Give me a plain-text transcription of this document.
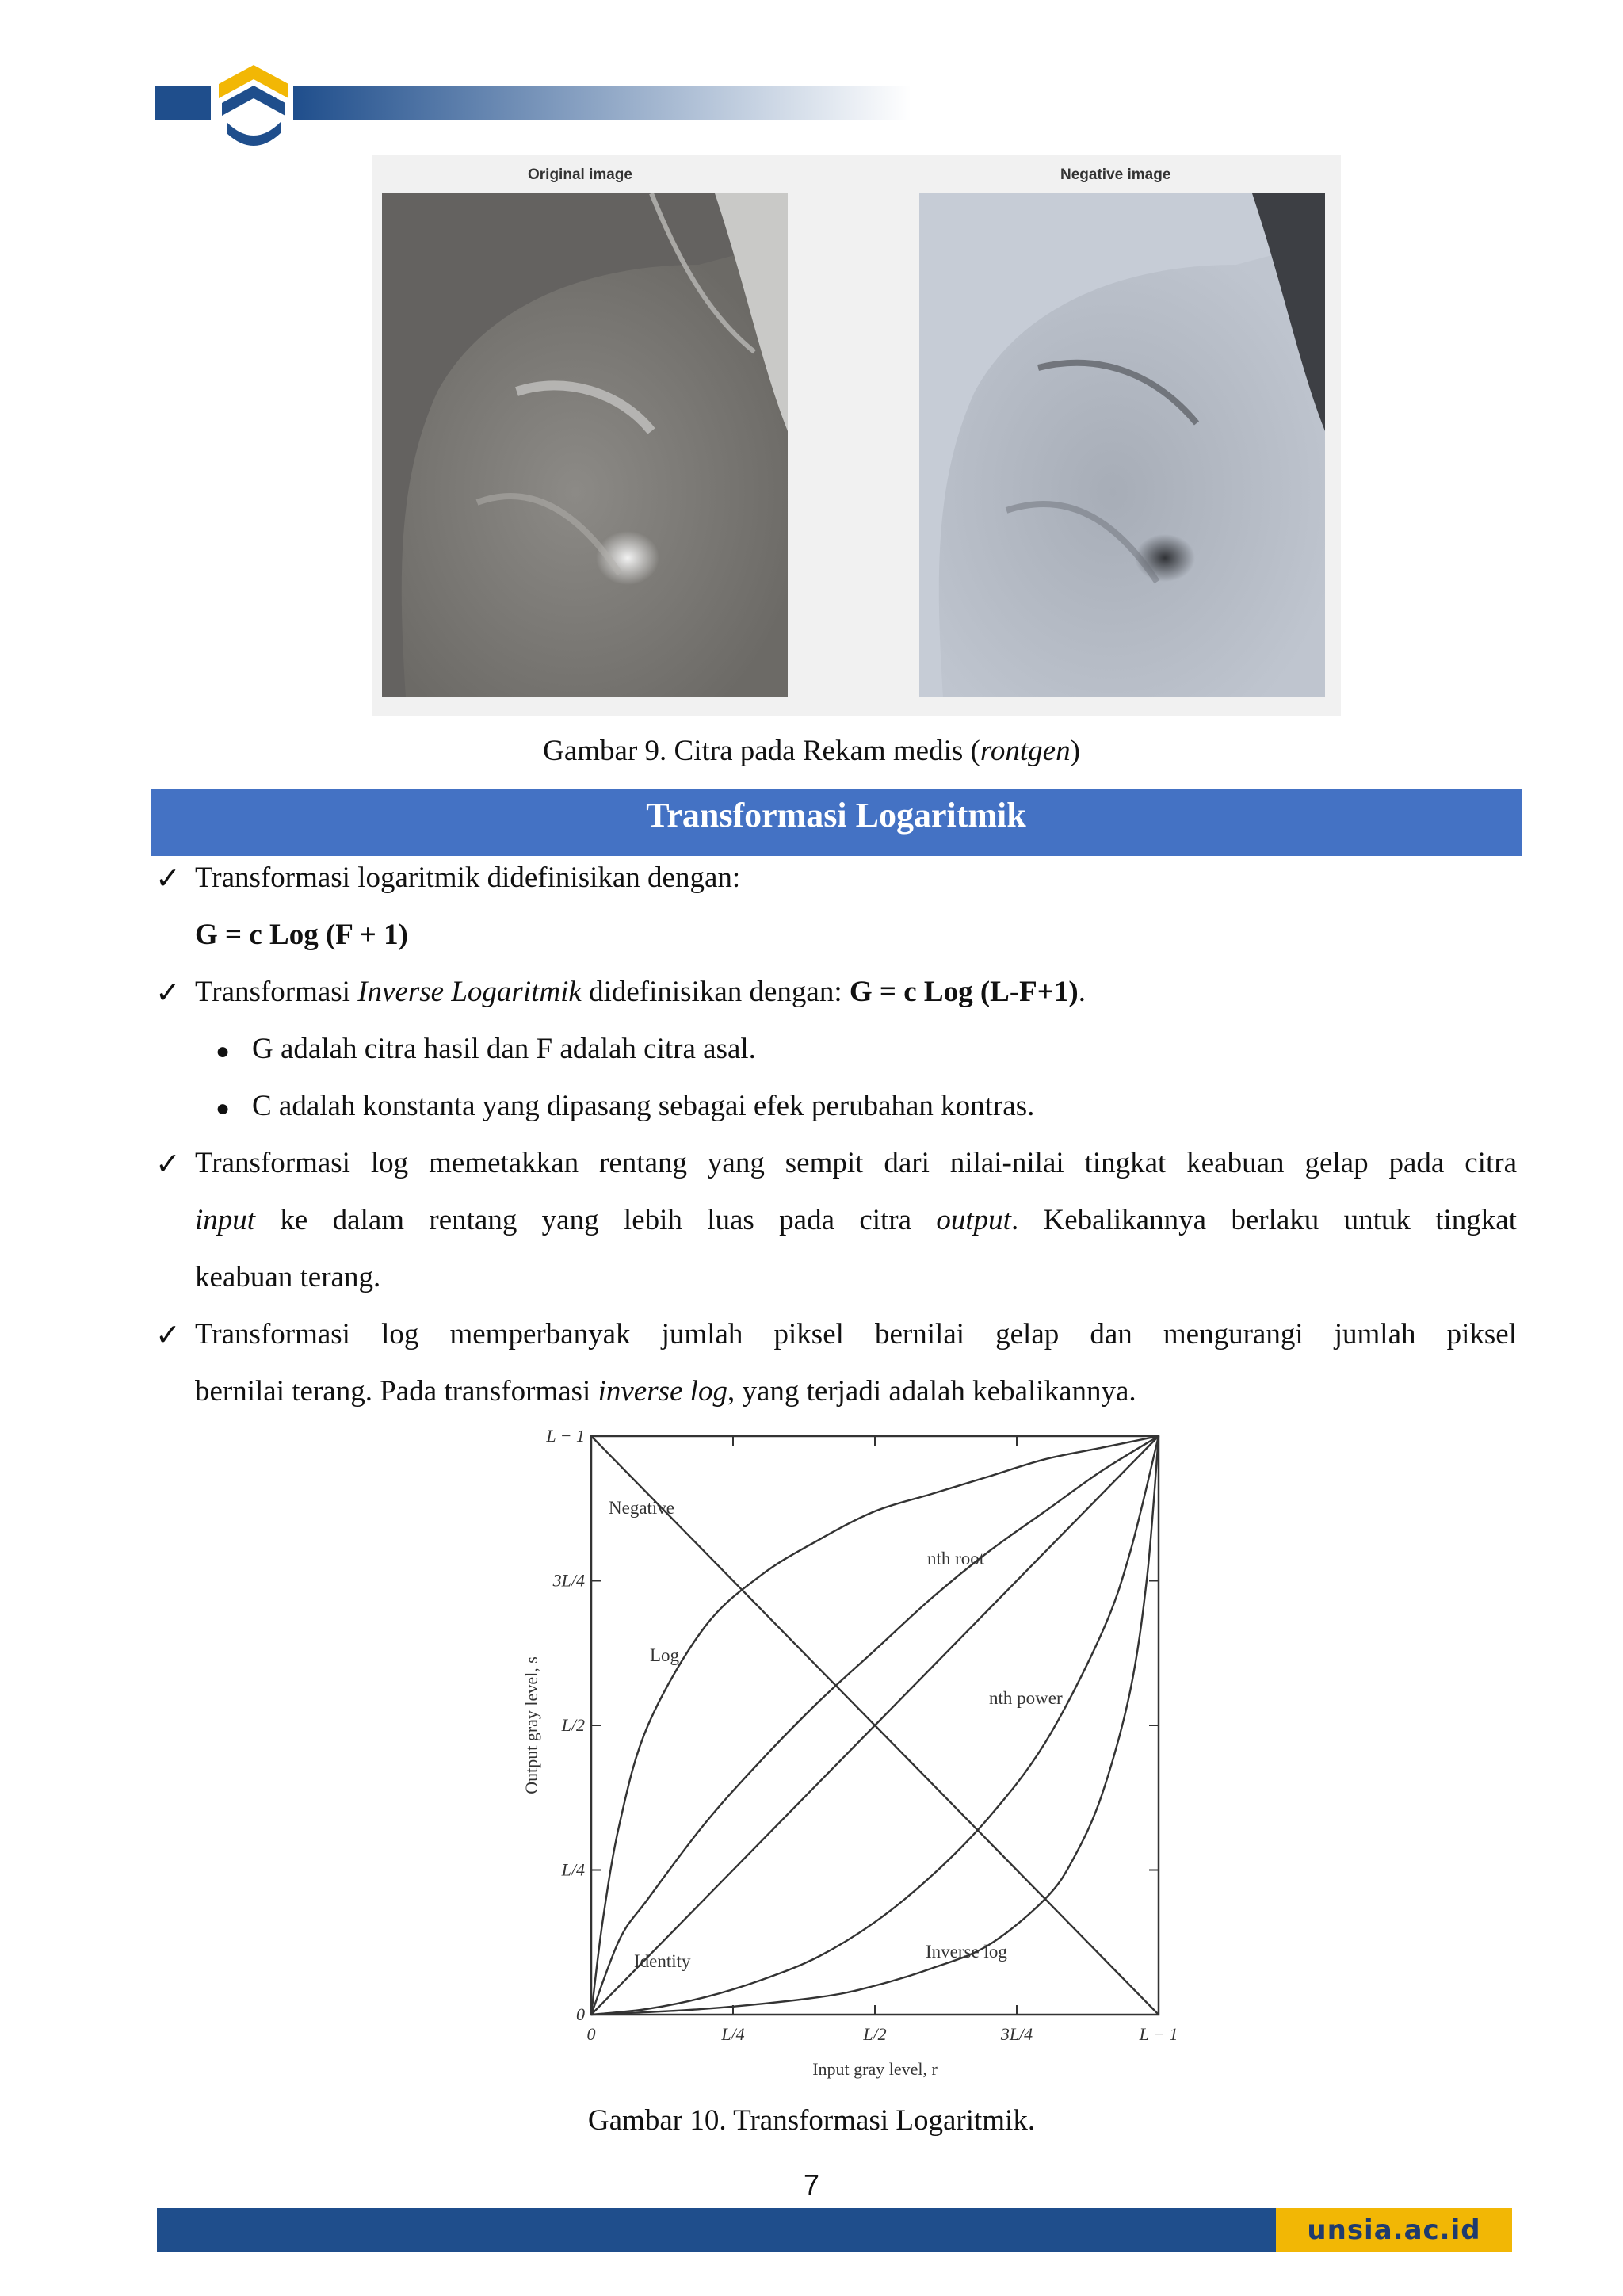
Original image	Negative image
Gambar 9. Citra pada Rekam medis (rontgen)
Transformasi Logaritmik
✓ Transformasi logaritmik didefinisikan dengan:
G = c Log (F + 1)
✓ Transformasi Inverse Logaritmik didefinisikan dengan: G = c Log (L-F+1).
● G adalah citra hasil dan F adalah citra asal.
● C adalah konstanta yang dipasang sebagai efek perubahan kontras.
✓ Transformasi log memetakkan rentang yang sempit dari nilai-nilai tingkat keabuan gelap pada citra
input ke dalam rentang yang lebih luas pada citra output. Kebalikannya berlaku untuk tingkat
keabuan terang.
✓ Transformasi log memperbanyak jumlah piksel bernilai gelap dan mengurangi jumlah piksel
bernilai terang. Pada transformasi inverse log, yang terjadi adalah kebalikannya.
0
0
L/4
L/4
L/2
L/2
3L/4
3L/4
L − 1
L − 1
Input gray level, r
Output gray level, s
Negative
Log
nth root
Identity
nth power
Inverse log
Gambar 10. Transformasi Logaritmik.
7
unsia.ac.id
